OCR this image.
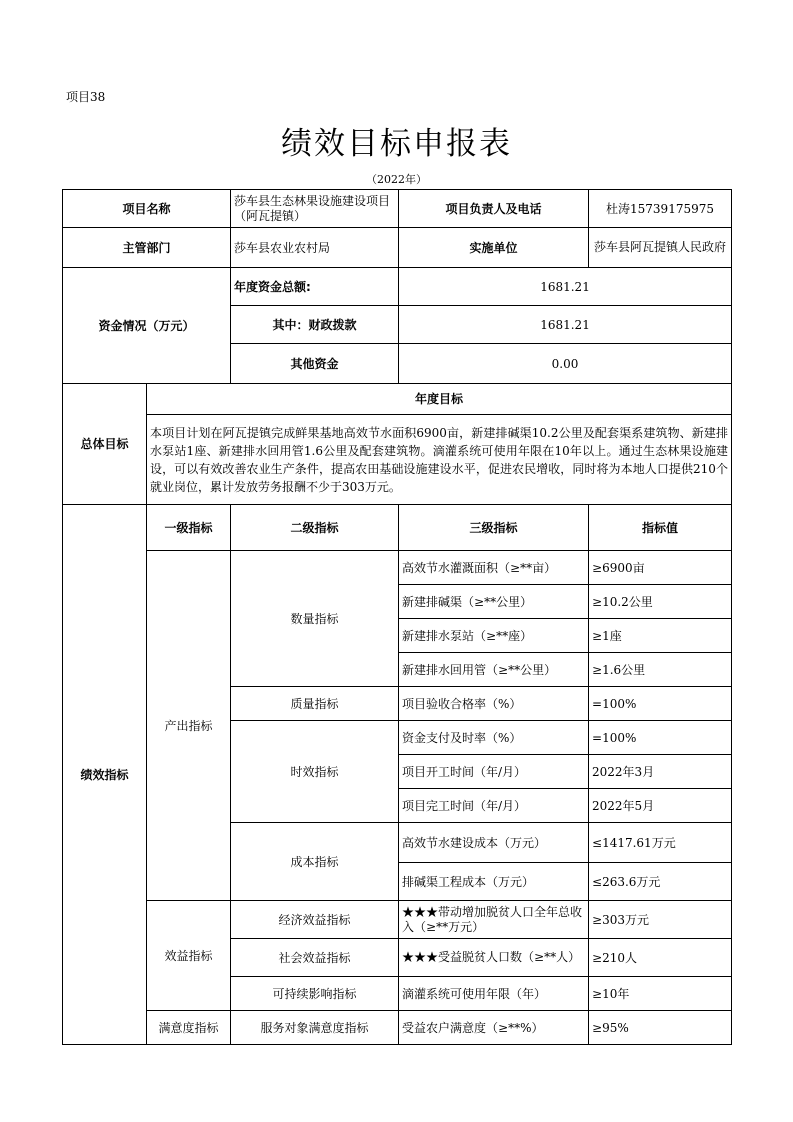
项目38
绩效目标申报表
（2022年）
项目名称		莎车县生态林果设施建设项目（阿瓦提镇）	项目负责人及电话	杜涛15739175975
主管部门		莎车县农业农村局	实施单位	莎车县阿瓦提镇人民政府
资金情况（万元）		年度资金总额:	1681.21	
		其中：财政拨款	1681.21	
		其他资金	0.00	
总体目标	年度目标			
	本项目计划在阿瓦提镇完成鲜果基地高效节水面积6900亩，新建排碱渠10.2公里及配套渠系建筑物、新建排水泵站1座、新建排水回用管1.6公里及配套建筑物。滴灌系统可使用年限在10年以上。通过生态林果设施建设，可以有效改善农业生产条件，提高农田基础设施建设水平，促进农民增收，同时将为本地人口提供210个就业岗位，累计发放劳务报酬不少于303万元。			
绩效指标	一级指标	二级指标	三级指标	指标值
	产出指标	数量指标	高效节水灌溉面积（≥**亩）	≥6900亩
			新建排碱渠（≥**公里）	≥10.2公里
			新建排水泵站（≥**座）	≥1座
			新建排水回用管（≥**公里）	≥1.6公里
		质量指标	项目验收合格率（%）	=100%
		时效指标	资金支付及时率（%）	=100%
			项目开工时间（年/月）	2022年3月
			项目完工时间（年/月）	2022年5月
		成本指标	高效节水建设成本（万元）	≤1417.61万元
			排碱渠工程成本（万元）	≤263.6万元
	效益指标	经济效益指标	★★★带动增加脱贫人口全年总收入（≥**万元）	≥303万元
		社会效益指标	★★★受益脱贫人口数（≥**人）	≥210人
		可持续影响指标	滴灌系统可使用年限（年）	≥10年
	满意度指标	服务对象满意度指标	受益农户满意度（≥**%）	≥95%
